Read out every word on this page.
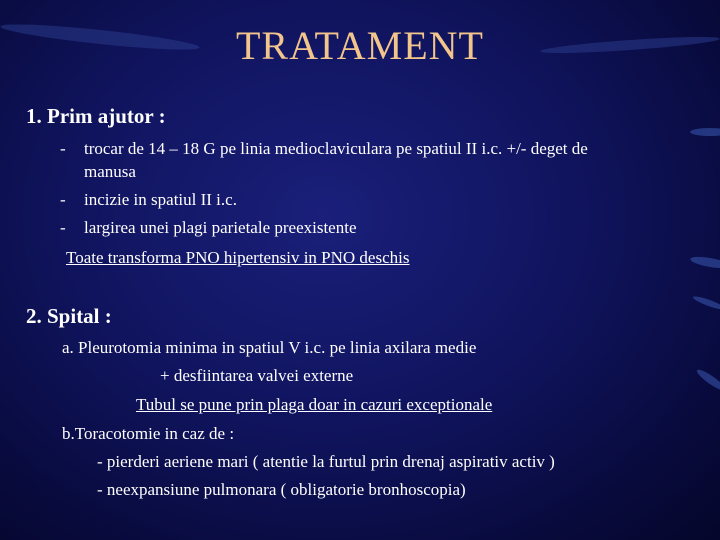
TRATAMENT
1. Prim ajutor :
- trocar de 14 – 18 G pe linia medioclaviculara pe spatiul II i.c. +/- deget de
manusa
- incizie in spatiul II i.c.
- largirea unei plagi parietale preexistente
Toate transforma PNO hipertensiv in PNO deschis
2. Spital :
a. Pleurotomia minima in spatiul V i.c. pe linia axilara medie
+ desfiintarea valvei externe
Tubul se pune prin plaga doar in cazuri exceptionale
b.Toracotomie in caz de :
- pierderi aeriene mari ( atentie la furtul prin drenaj aspirativ activ )
- neexpansiune pulmonara ( obligatorie bronhoscopia)
